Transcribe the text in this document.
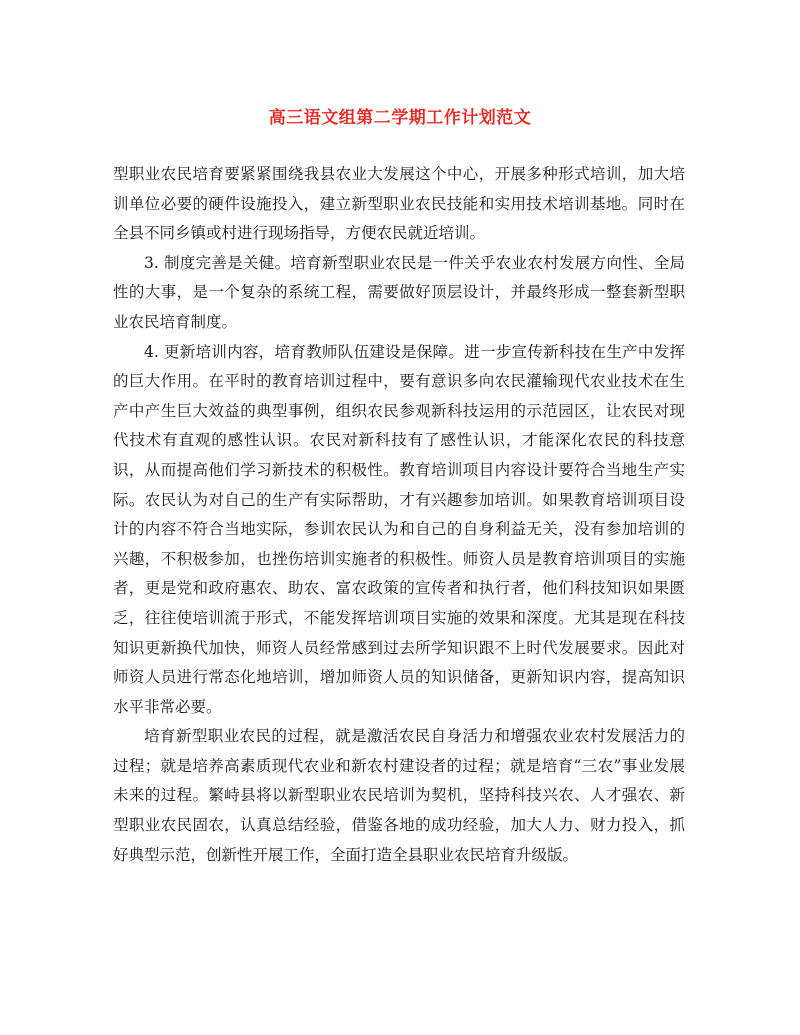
高三语文组第二学期工作计划范文

型职业农民培育要紧紧围绕我县农业大发展这个中心，开展多种形式培训，加大培训单位必要的硬件设施投入，建立新型职业农民技能和实用技术培训基地。同时在全县不同乡镇或村进行现场指导，方便农民就近培训。

3. 制度完善是关健。培育新型职业农民是一件关乎农业农村发展方向性、全局性的大事，是一个复杂的系统工程，需要做好顶层设计，并最终形成一整套新型职业农民培育制度。

4. 更新培训内容，培育教师队伍建设是保障。进一步宣传新科技在生产中发挥的巨大作用。在平时的教育培训过程中，要有意识多向农民灌输现代农业技术在生产中产生巨大效益的典型事例，组织农民参观新科技运用的示范园区，让农民对现代技术有直观的感性认识。农民对新科技有了感性认识，才能深化农民的科技意识，从而提高他们学习新技术的积极性。教育培训项目内容设计要符合当地生产实际。农民认为对自己的生产有实际帮助，才有兴趣参加培训。如果教育培训项目设计的内容不符合当地实际，参训农民认为和自己的自身利益无关，没有参加培训的兴趣，不积极参加，也挫伤培训实施者的积极性。师资人员是教育培训项目的实施者，更是党和政府惠农、助农、富农政策的宣传者和执行者，他们科技知识如果匮乏，往往使培训流于形式，不能发挥培训项目实施的效果和深度。尤其是现在科技知识更新换代加快，师资人员经常感到过去所学知识跟不上时代发展要求。因此对师资人员进行常态化地培训，增加师资人员的知识储备，更新知识内容，提高知识水平非常必要。

培育新型职业农民的过程，就是激活农民自身活力和增强农业农村发展活力的过程；就是培养高素质现代农业和新农村建设者的过程；就是培育“三农”事业发展未来的过程。繁峙县将以新型职业农民培训为契机，坚持科技兴农、人才强农、新型职业农民固农，认真总结经验，借鉴各地的成功经验，加大人力、财力投入，抓好典型示范，创新性开展工作，全面打造全县职业农民培育升级版。
